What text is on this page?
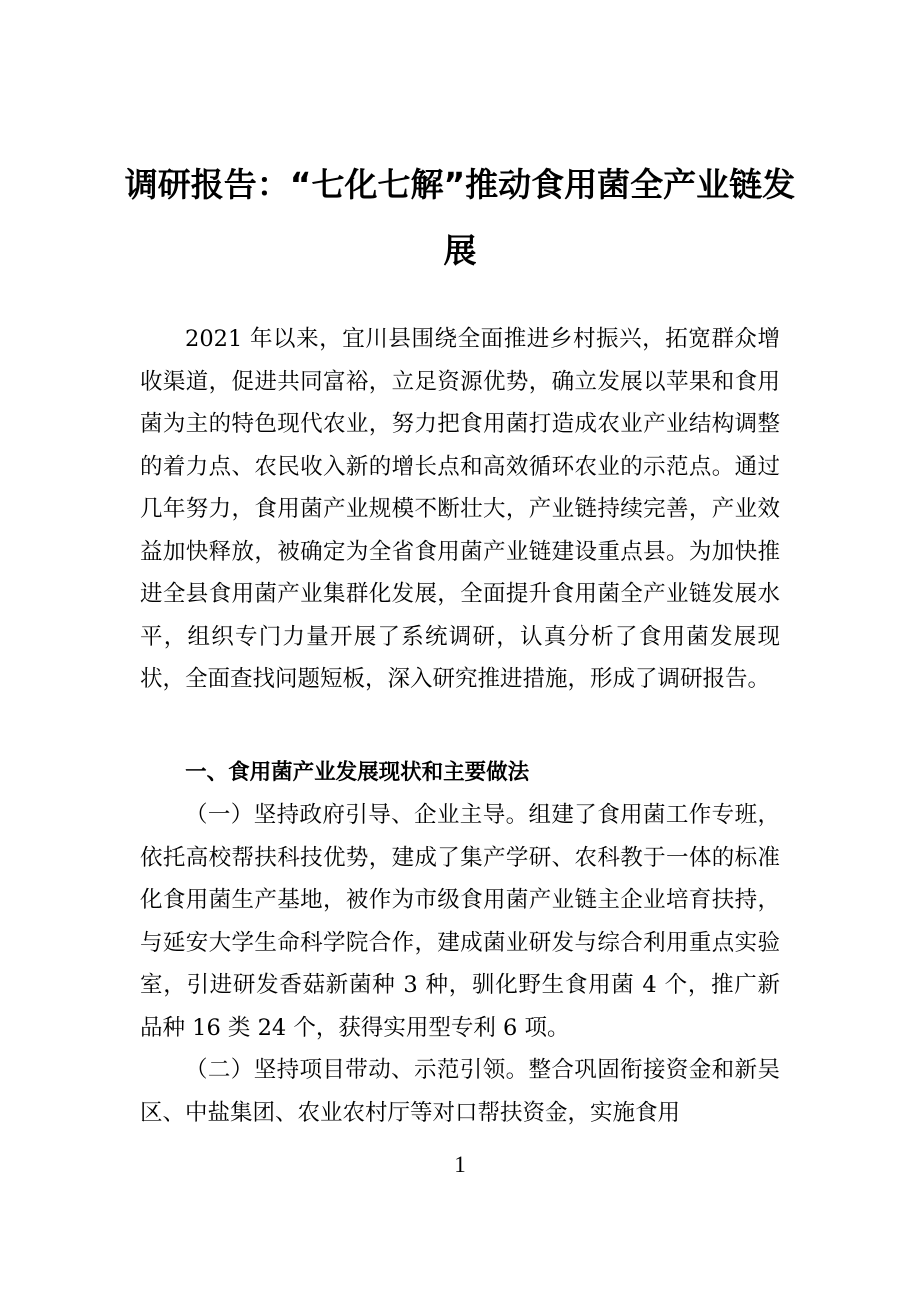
调研报告：“七化七解”推动食用菌全产业链发展

2021 年以来，宜川县围绕全面推进乡村振兴，拓宽群众增收渠道，促进共同富裕，立足资源优势，确立发展以苹果和食用菌为主的特色现代农业，努力把食用菌打造成农业产业结构调整的着力点、农民收入新的增长点和高效循环农业的示范点。通过几年努力，食用菌产业规模不断壮大，产业链持续完善，产业效益加快释放，被确定为全省食用菌产业链建设重点县。为加快推进全县食用菌产业集群化发展，全面提升食用菌全产业链发展水平，组织专门力量开展了系统调研，认真分析了食用菌发展现状，全面查找问题短板，深入研究推进措施，形成了调研报告。

一、食用菌产业发展现状和主要做法

（一）坚持政府引导、企业主导。组建了食用菌工作专班，依托高校帮扶科技优势，建成了集产学研、农科教于一体的标准化食用菌生产基地，被作为市级食用菌产业链主企业培育扶持，与延安大学生命科学院合作，建成菌业研发与综合利用重点实验室，引进研发香菇新菌种 3 种，驯化野生食用菌 4 个，推广新品种 16 类 24 个，获得实用型专利 6 项。

（二）坚持项目带动、示范引领。整合巩固衔接资金和新吴区、中盐集团、农业农村厅等对口帮扶资金，实施食用

1
